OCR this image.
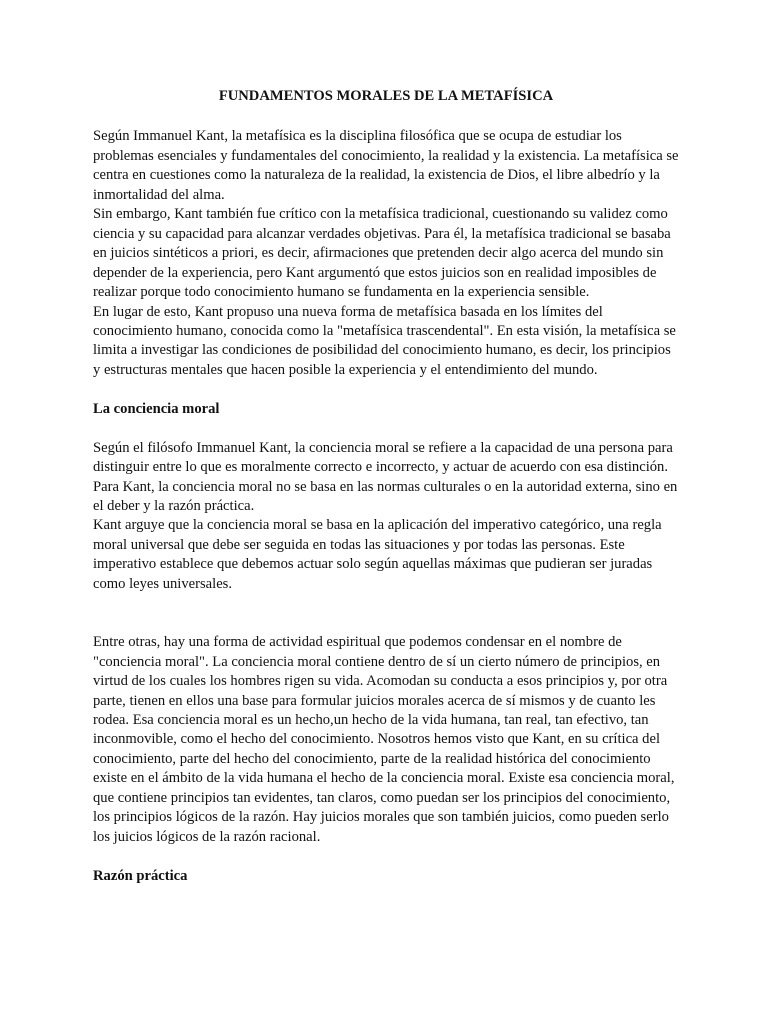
FUNDAMENTOS MORALES DE LA METAFÍSICA

Según Immanuel Kant, la metafísica es la disciplina filosófica que se ocupa de estudiar los problemas esenciales y fundamentales del conocimiento, la realidad y la existencia. La metafísica se centra en cuestiones como la naturaleza de la realidad, la existencia de Dios, el libre albedrío y la inmortalidad del alma.

Sin embargo, Kant también fue crítico con la metafísica tradicional, cuestionando su validez como ciencia y su capacidad para alcanzar verdades objetivas. Para él, la metafísica tradicional se basaba en juicios sintéticos a priori, es decir, afirmaciones que pretenden decir algo acerca del mundo sin depender de la experiencia, pero Kant argumentó que estos juicios son en realidad imposibles de realizar porque todo conocimiento humano se fundamenta en la experiencia sensible.

En lugar de esto, Kant propuso una nueva forma de metafísica basada en los límites del conocimiento humano, conocida como la "metafísica trascendental". En esta visión, la metafísica se limita a investigar las condiciones de posibilidad del conocimiento humano, es decir, los principios y estructuras mentales que hacen posible la experiencia y el entendimiento del mundo.

La conciencia moral

Según el filósofo Immanuel Kant, la conciencia moral se refiere a la capacidad de una persona para distinguir entre lo que es moralmente correcto e incorrecto, y actuar de acuerdo con esa distinción. Para Kant, la conciencia moral no se basa en las normas culturales o en la autoridad externa, sino en el deber y la razón práctica.

Kant arguye que la conciencia moral se basa en la aplicación del imperativo categórico, una regla moral universal que debe ser seguida en todas las situaciones y por todas las personas. Este imperativo establece que debemos actuar solo según aquellas máximas que pudieran ser juradas como leyes universales.

Entre otras, hay una forma de actividad espiritual que podemos condensar en el nombre de "conciencia moral". La conciencia moral contiene dentro de sí un cierto número de principios, en virtud de los cuales los hombres rigen su vida. Acomodan su conducta a esos principios y, por otra parte, tienen en ellos una base para formular juicios morales acerca de sí mismos y de cuanto les rodea. Esa conciencia moral es un hecho,un hecho de la vida humana, tan real, tan efectivo, tan inconmovible, como el hecho del conocimiento. Nosotros hemos visto que Kant, en su crítica del conocimiento, parte del hecho del conocimiento, parte de la realidad histórica del conocimiento existe en el ámbito de la vida humana el hecho de la conciencia moral. Existe esa conciencia moral, que contiene principios tan evidentes, tan claros, como puedan ser los principios del conocimiento, los principios lógicos de la razón. Hay juicios morales que son también juicios, como pueden serlo los juicios lógicos de la razón racional.

Razón práctica
